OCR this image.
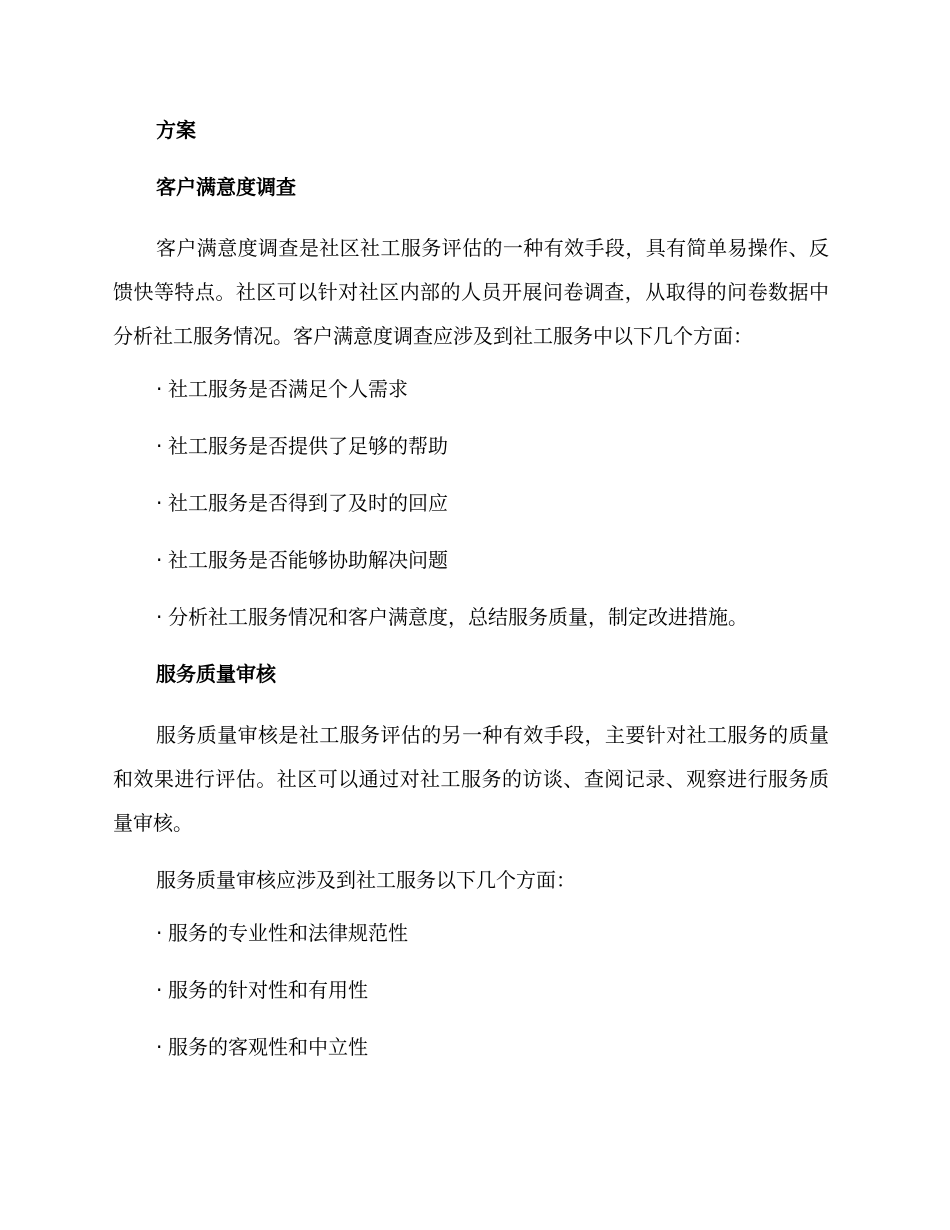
方案
客户满意度调查

客户满意度调查是社区社工服务评估的一种有效手段，具有简单易操作、反馈快等特点。社区可以针对社区内部的人员开展问卷调查，从取得的问卷数据中分析社工服务情况。客户满意度调查应涉及到社工服务中以下几个方面：

· 社工服务是否满足个人需求
· 社工服务是否提供了足够的帮助
· 社工服务是否得到了及时的回应
· 社工服务是否能够协助解决问题
· 分析社工服务情况和客户满意度，总结服务质量，制定改进措施。
服务质量审核

服务质量审核是社工服务评估的另一种有效手段，主要针对社工服务的质量和效果进行评估。社区可以通过对社工服务的访谈、查阅记录、观察进行服务质量审核。

服务质量审核应涉及到社工服务以下几个方面：

· 服务的专业性和法律规范性
· 服务的针对性和有用性
· 服务的客观性和中立性
